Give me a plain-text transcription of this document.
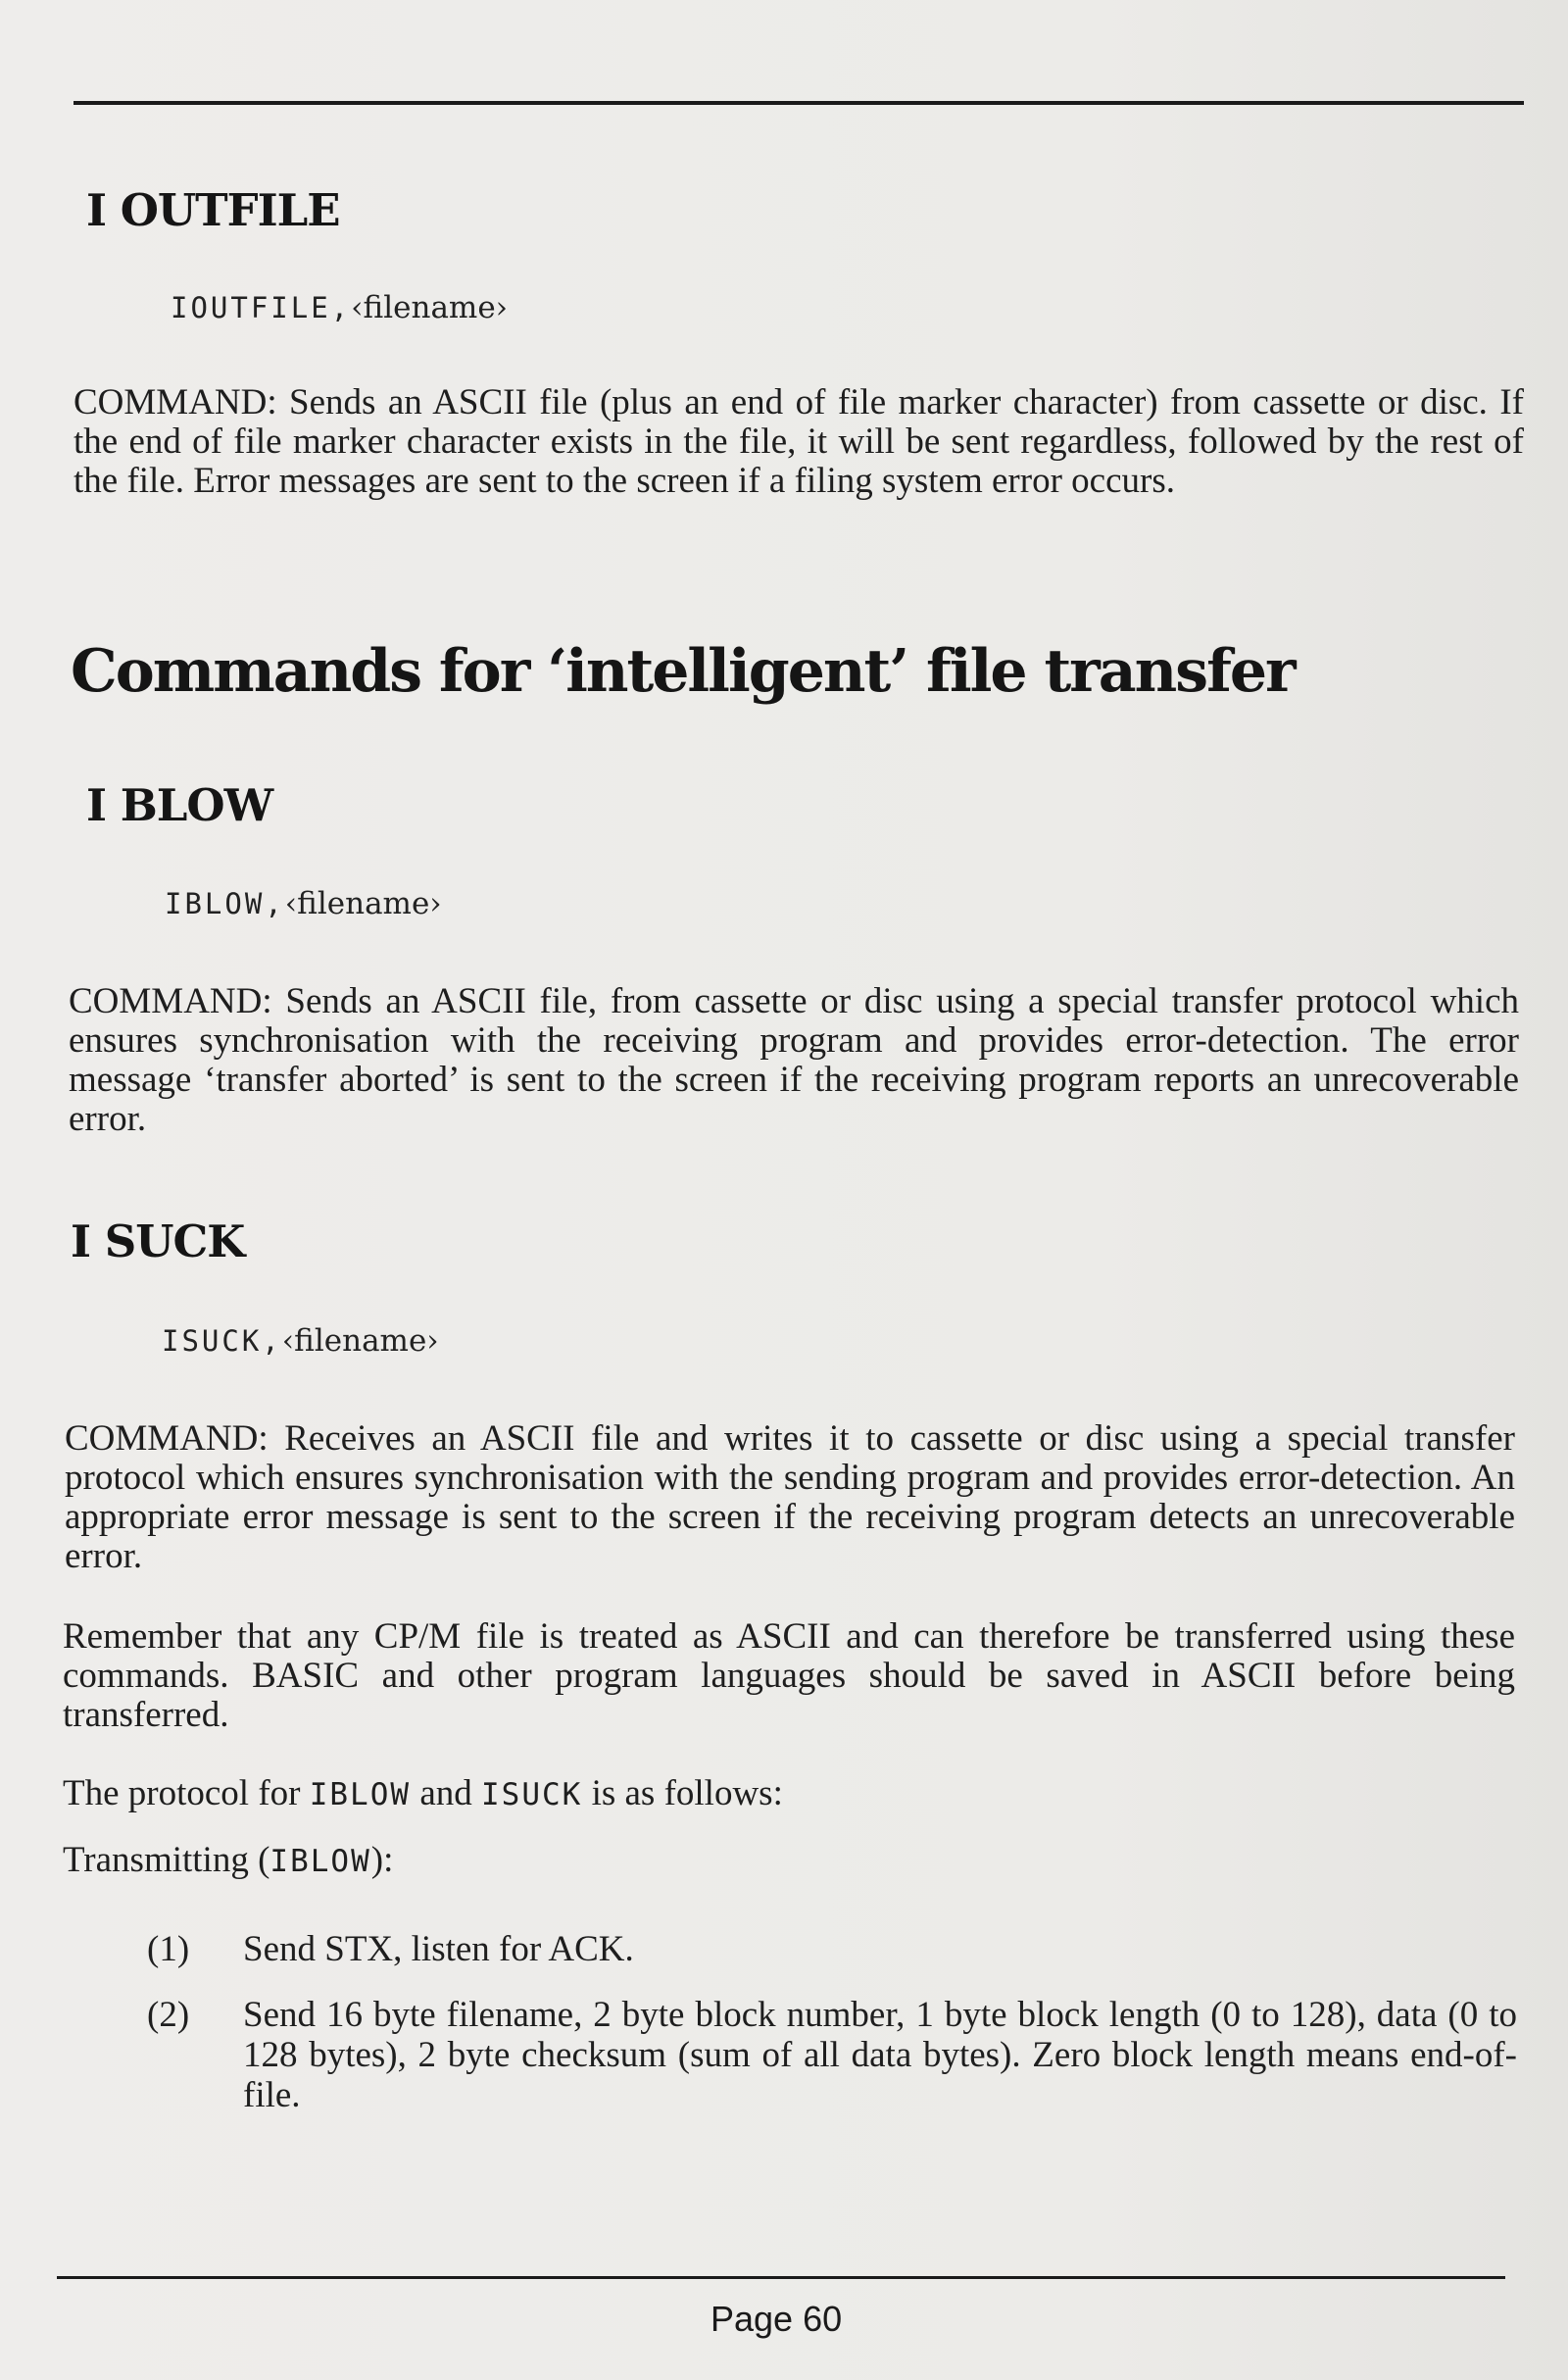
I OUTFILE
IOUTFILE,‹filename›
COMMAND: Sends an ASCII file (plus an end of file marker character) from cassette or disc. If the end of file marker character exists in the file, it will be sent regardless, followed by the rest of the file. Error messages are sent to the screen if a filing system error occurs.
Commands for ‘intelligent’ file transfer
I BLOW
IBLOW,‹filename›
COMMAND: Sends an ASCII file, from cassette or disc using a special transfer protocol which ensures synchronisation with the receiving program and provides error-detection. The error message ‘transfer aborted’ is sent to the screen if the receiving program reports an unrecoverable error.
I SUCK
ISUCK,‹filename›
COMMAND: Receives an ASCII file and writes it to cassette or disc using a special transfer protocol which ensures synchronisation with the sending program and provides error-detection. An appropriate error message is sent to the screen if the receiving program detects an unrecoverable error.
Remember that any CP/M file is treated as ASCII and can therefore be transferred using these commands. BASIC and other program languages should be saved in ASCII before being transferred.
The protocol for IBLOW and ISUCK is as follows:
Transmitting (IBLOW):
(1) Send STX, listen for ACK.
(2) Send 16 byte filename, 2 byte block number, 1 byte block length (0 to 128), data (0 to 128 bytes), 2 byte checksum (sum of all data bytes). Zero block length means end-of-file.
Page 60
